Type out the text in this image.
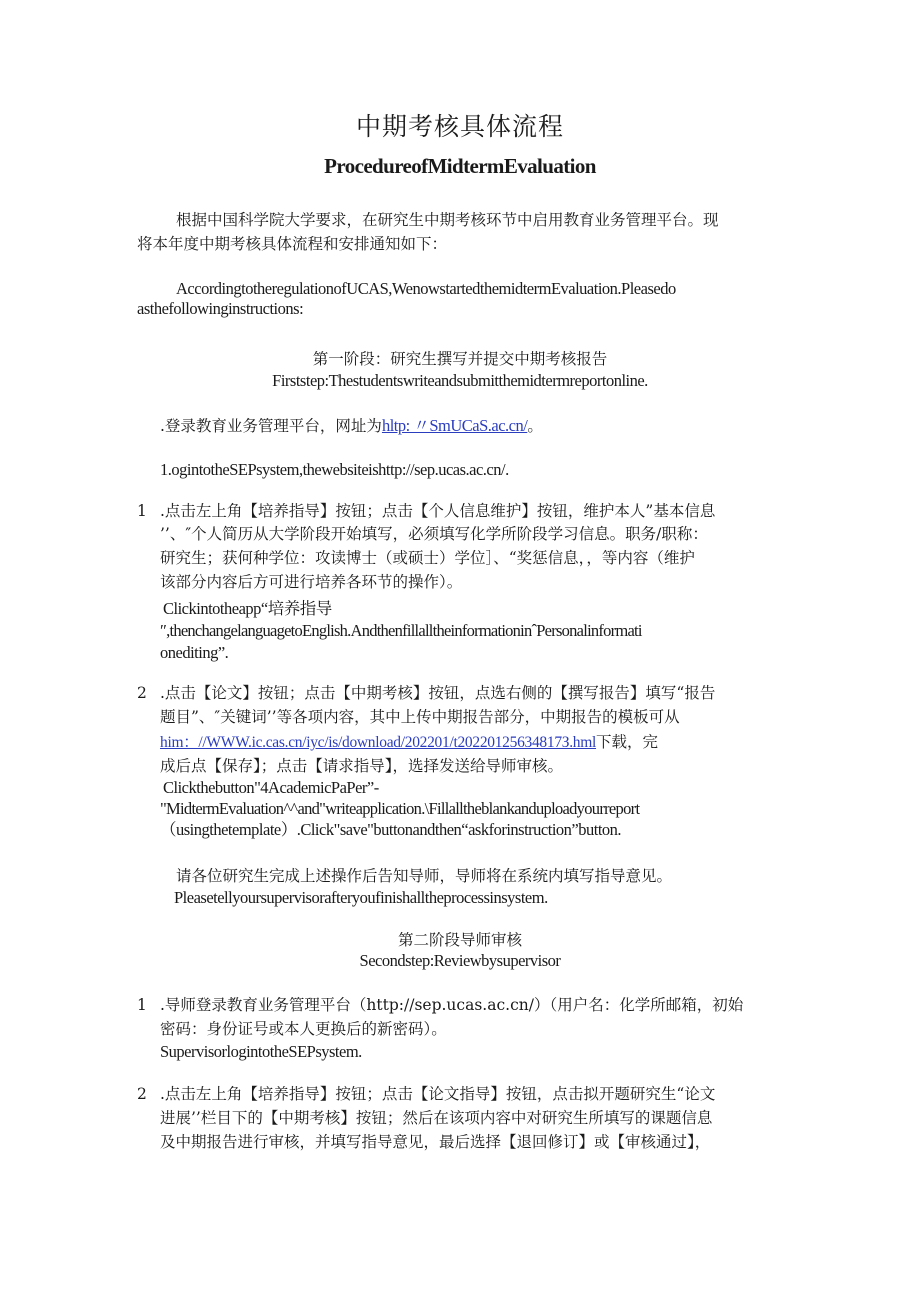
中期考核具体流程
ProcedureofMidtermEvaluation
根据中国科学院大学要求，在研究生中期考核环节中启用教育业务管理平台。现
将本年度中期考核具体流程和安排通知如下：
AccordingtotheregulationofUCAS,WenowstartedthemidtermEvaluation.Pleasedo
asthefollowinginstructions:
第一阶段：研究生撰写并提交中期考核报告
Firststep:Thestudentswriteandsubmitthemidtermreportonline.
.登录教育业务管理平台，网址为hltp: 〃SmUCaS.ac.cn/。
1.ogintotheSEPsystem,thewebsiteishttp://sep.ucas.ac.cn/.
1 .点击左上角【培养指导】按钮；点击【个人信息维护】按钮，维护本人”基本信息
’’、″个人简历从大学阶段开始填写，必须填写化学所阶段学习信息。职务/职称：
研究生；获何种学位：攻读博士（或硕士）学位］、“奖惩信息，，等内容（维护
该部分内容后方可进行培养各环节的操作）。
Clickintotheapp“培养指导
″,thenchangelanguagetoEnglish.AndthenfillalltheinformationinˆPersonalinformati
onediting”.
2 .点击【论文】按钮；点击【中期考核】按钮，点选右侧的【撰写报告】填写“报告
题目”、″关键词’’等各项内容，其中上传中期报告部分，中期报告的模板可从
him：//WWW.ic.cas.cn/iyc/is/download/202201/t20220125634817З.hml下载，完
成后点【保存】；点击【请求指导】，选择发送给导师审核。
Clickthebutton"4AcademicPaPer”-
"MidtermEvaluation^^and"writeapplication.\Fillalltheblankanduploadyourreport
（usingthetemplate）.Click"save"buttonandthen“askforinstruction”button.
请各位研究生完成上述操作后告知导师，导师将在系统内填写指导意见。
Pleasetellyoursupervisorafteryoufinishalltheprocessinsystem.
第二阶段导师审核
Secondstep:Reviewbysupervisor
1 .导师登录教育业务管理平台（http://sep.ucas.ac.cn/）（用户名：化学所邮箱，初始
密码：身份证号或本人更换后的新密码）。
SupervisorlogintotheSEPsystem.
2 .点击左上角【培养指导】按钮；点击【论文指导】按钮，点击拟开题研究生“论文
进展’’栏目下的【中期考核】按钮；然后在该项内容中对研究生所填写的课题信息
及中期报告进行审核，并填写指导意见，最后选择【退回修订】或【审核通过】，
